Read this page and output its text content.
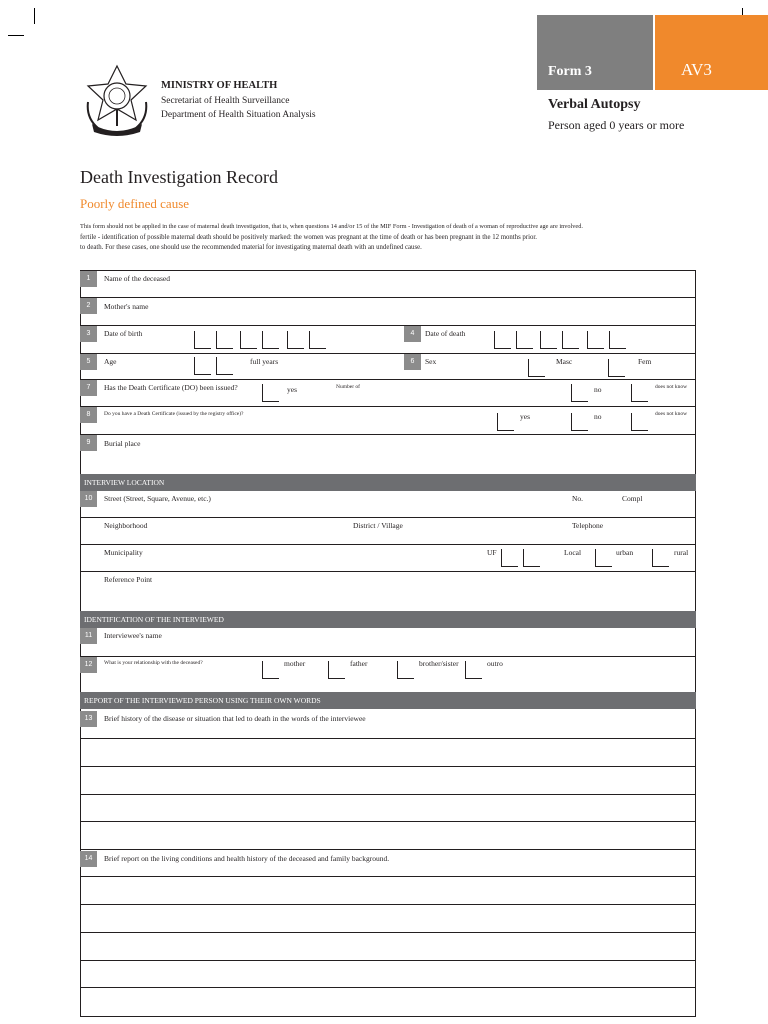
Form 3	AV3
Verbal Autopsy
Person aged 0 years or more
MINISTRY OF HEALTH
Secretariat of Health Surveillance
Department of Health Situation Analysis
Death Investigation Record
Poorly defined cause
This form should not be applied in the case of maternal death investigation, that is, when questions 14 and/or 15 of the MIF Form - Investigation of death of a woman of reproductive age are involved.
fertile - identification of possible maternal death should be positively marked: the women was pregnant at the time of death or has been pregnant in the 12 months prior.
to death. For these cases, one should use the recommended material for investigating maternal death with an undefined cause.
1	Name of the deceased
2	Mother's name
3	Date of birth	4	Date of death
5	Age	full years	6	Sex	Masc	Fem
7	Has the Death Certificate (DO) been issued?	yes	Number of	no	does not know
8	Do you have a Death Certificate (issued by the registry office)?	yes	no	does not know
9	Burial place
INTERVIEW LOCATION
10	Street (Street, Square, Avenue, etc.)	No.	Compl
Neighborhood	District / Village	Telephone
Municipality	UF	Local	urban	rural
Reference Point
IDENTIFICATION OF THE INTERVIEWED
11	Interviewee's name
12	What is your relationship with the deceased?	mother	father	brother/sister	outro
REPORT OF THE INTERVIEWED PERSON USING THEIR OWN WORDS
13	Brief history of the disease or situation that led to death in the words of the interviewee
14	Brief report on the living conditions and health history of the deceased and family background.
